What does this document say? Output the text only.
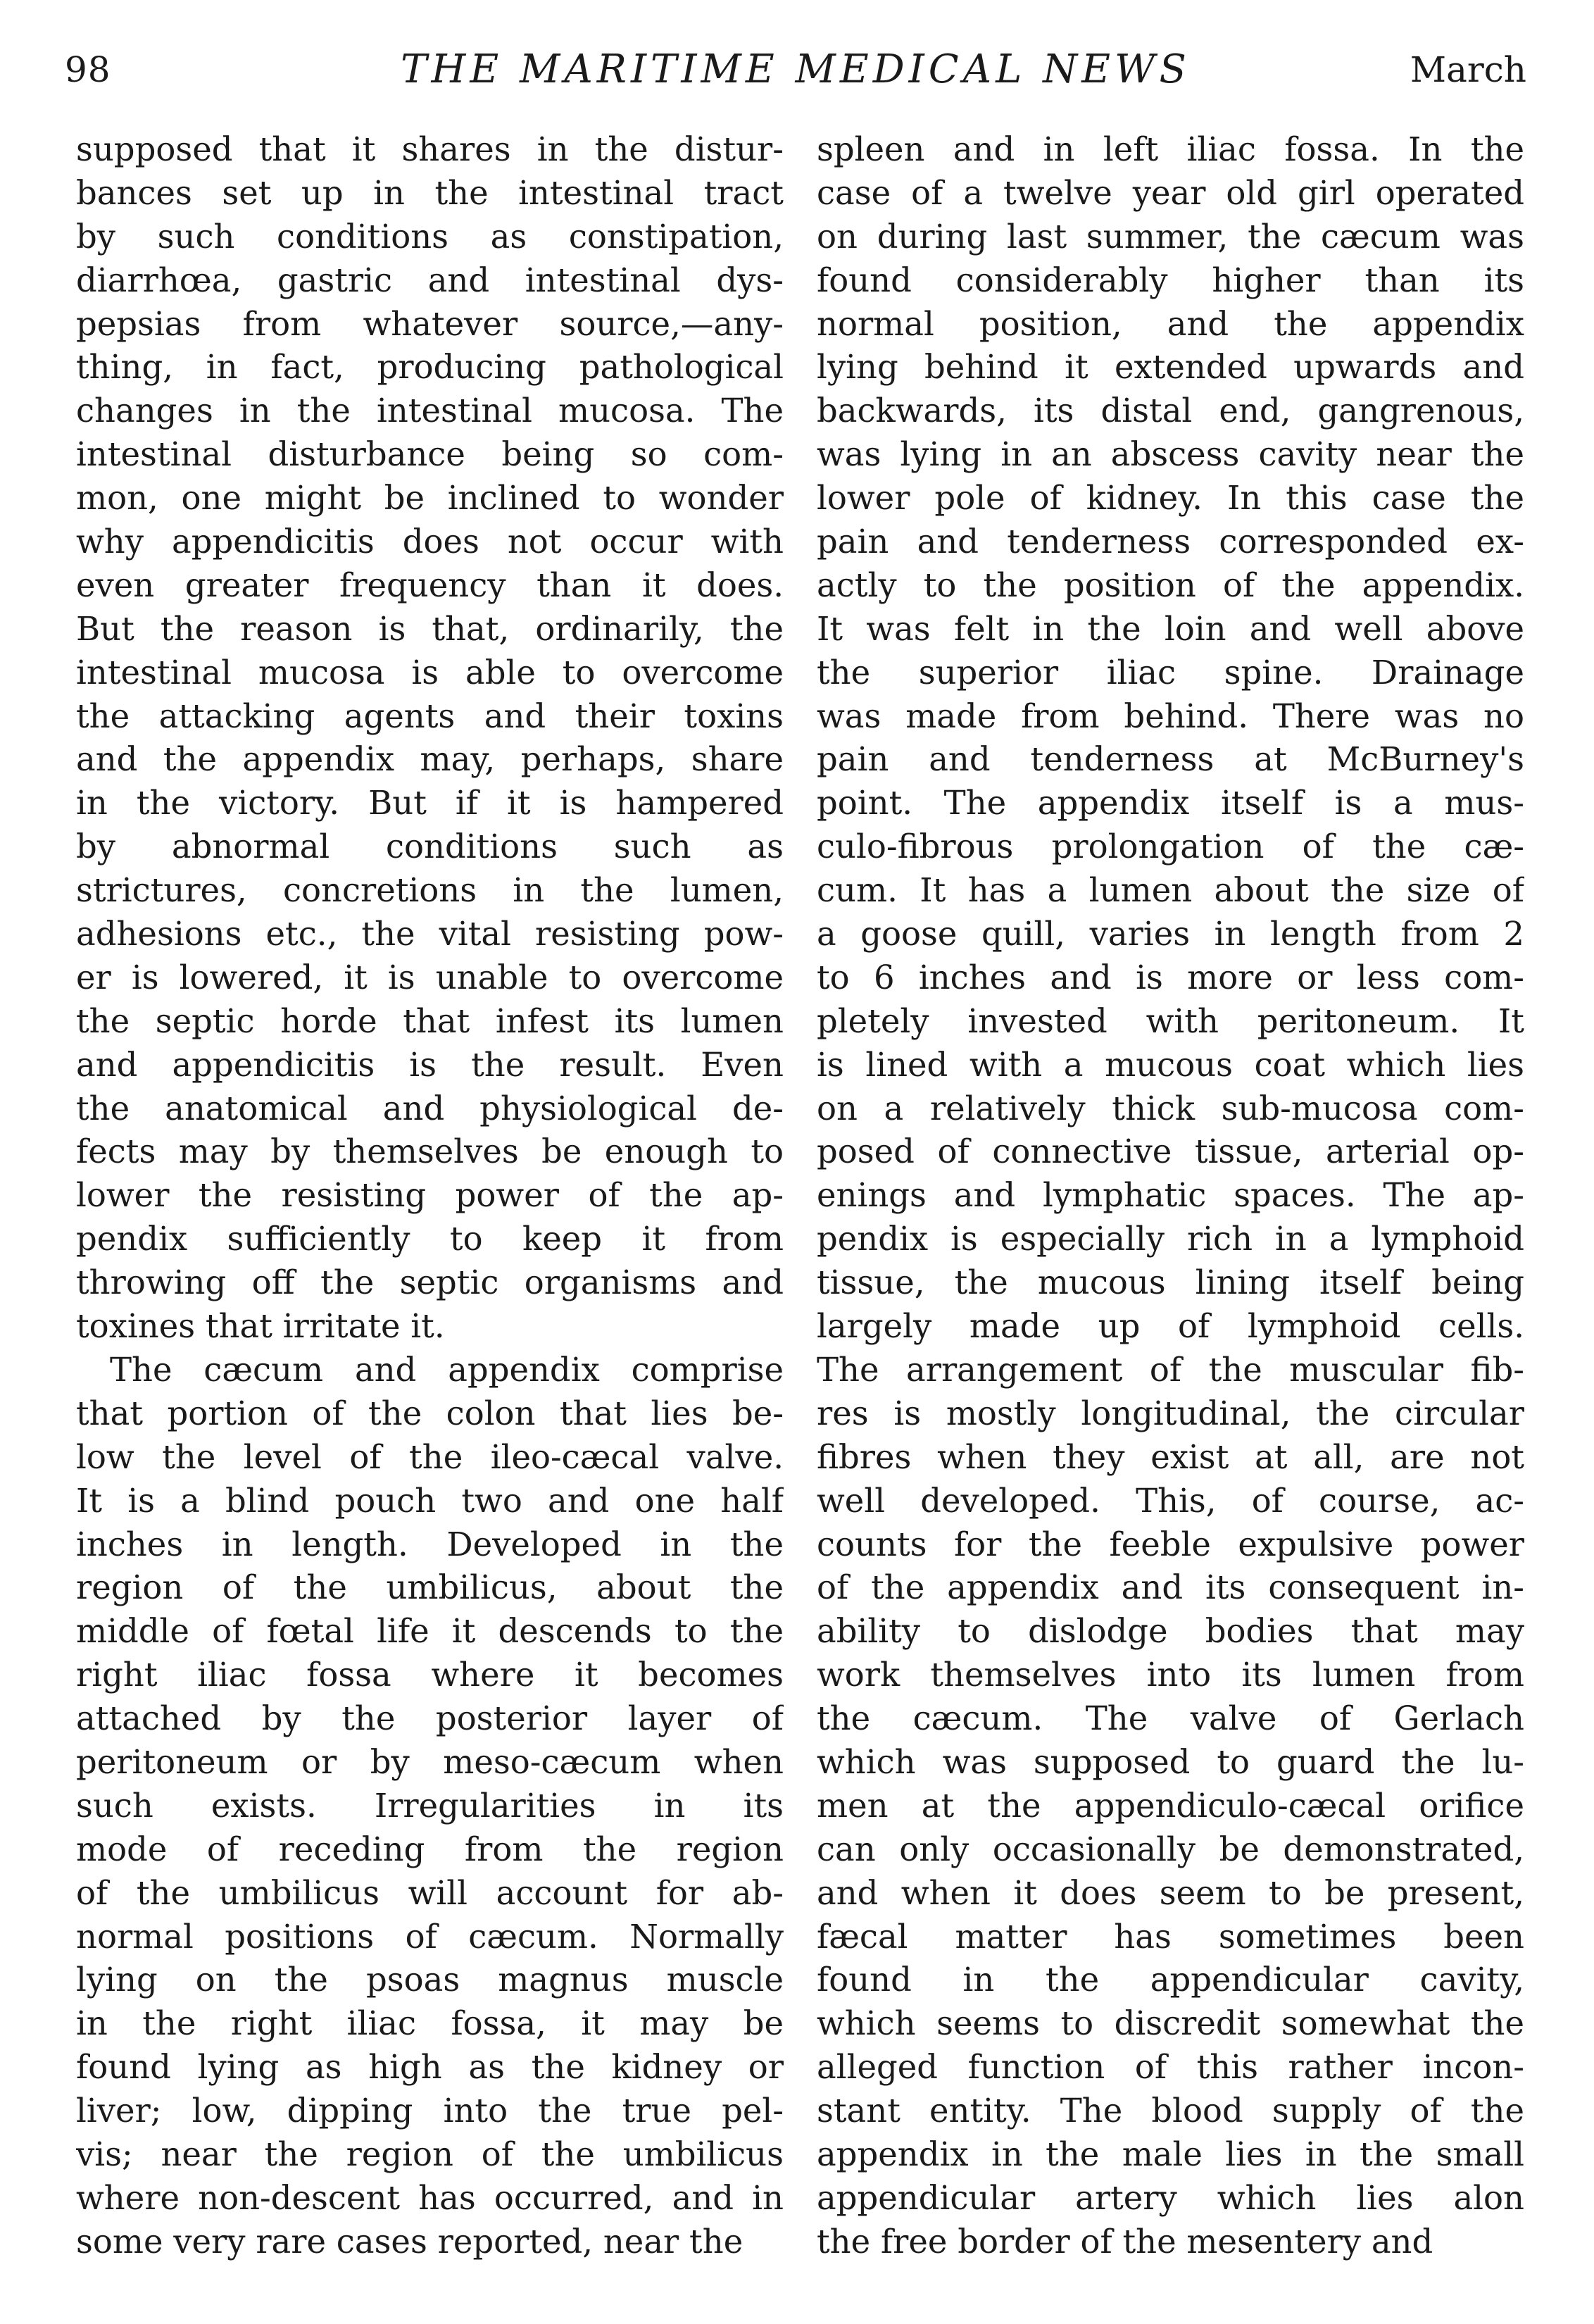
98	THE MARITIME MEDICAL NEWS	March
supposed that it shares in the distur-
bances set up in the intestinal tract
by such conditions as constipation,
diarrhœa, gastric and intestinal dys-
pepsias from whatever source,—any-
thing, in fact, producing pathological
changes in the intestinal mucosa. The
intestinal disturbance being so com-
mon, one might be inclined to wonder
why appendicitis does not occur with
even greater frequency than it does.
But the reason is that, ordinarily, the
intestinal mucosa is able to overcome
the attacking agents and their toxins
and the appendix may, perhaps, share
in the victory. But if it is hampered
by abnormal conditions such as
strictures, concretions in the lumen,
adhesions etc., the vital resisting pow-
er is lowered, it is unable to overcome
the septic horde that infest its lumen
and appendicitis is the result. Even
the anatomical and physiological de-
fects may by themselves be enough to
lower the resisting power of the ap-
pendix sufficiently to keep it from
throwing off the septic organisms and
toxines that irritate it.
The cæcum and appendix comprise
that portion of the colon that lies be-
low the level of the ileo-cæcal valve.
It is a blind pouch two and one half
inches in length. Developed in the
region of the umbilicus, about the
middle of fœtal life it descends to the
right iliac fossa where it becomes
attached by the posterior layer of
peritoneum or by meso-cæcum when
such exists. Irregularities in its
mode of receding from the region
of the umbilicus will account for ab-
normal positions of cæcum. Normally
lying on the psoas magnus muscle
in the right iliac fossa, it may be
found lying as high as the kidney or
liver; low, dipping into the true pel-
vis; near the region of the umbilicus
where non-descent has occurred, and in
some very rare cases reported, near the
spleen and in left iliac fossa. In the
case of a twelve year old girl operated
on during last summer, the cæcum was
found considerably higher than its
normal position, and the appendix
lying behind it extended upwards and
backwards, its distal end, gangrenous,
was lying in an abscess cavity near the
lower pole of kidney. In this case the
pain and tenderness corresponded ex-
actly to the position of the appendix.
It was felt in the loin and well above
the superior iliac spine. Drainage
was made from behind. There was no
pain and tenderness at McBurney's
point. The appendix itself is a mus-
culo-fibrous prolongation of the cæ-
cum. It has a lumen about the size of
a goose quill, varies in length from 2
to 6 inches and is more or less com-
pletely invested with peritoneum. It
is lined with a mucous coat which lies
on a relatively thick sub-mucosa com-
posed of connective tissue, arterial op-
enings and lymphatic spaces. The ap-
pendix is especially rich in a lymphoid
tissue, the mucous lining itself being
largely made up of lymphoid cells.
The arrangement of the muscular fib-
res is mostly longitudinal, the circular
fibres when they exist at all, are not
well developed. This, of course, ac-
counts for the feeble expulsive power
of the appendix and its consequent in-
ability to dislodge bodies that may
work themselves into its lumen from
the cæcum. The valve of Gerlach
which was supposed to guard the lu-
men at the appendiculo-cæcal orifice
can only occasionally be demonstrated,
and when it does seem to be present,
fæcal matter has sometimes been
found in the appendicular cavity,
which seems to discredit somewhat the
alleged function of this rather incon-
stant entity. The blood supply of the
appendix in the male lies in the small
appendicular artery which lies alon
the free border of the mesentery and
